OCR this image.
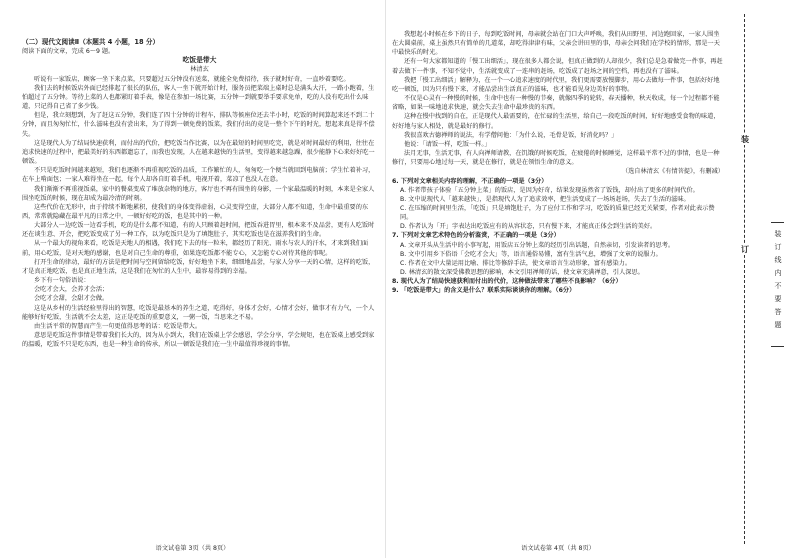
（二）现代文阅读Ⅱ（本题共 4 小题，18 分）

阅读下面的文章，完成 6～9 题。

吃饭是带大
林清玄

听说有一家饭店，顾客一坐下来点菜，只要超过五分钟没有送菜，就能全免费招待，孩子就时好奇，一直吵着要吃。

我们去的时候饭店外面已经排起了很长的队伍，客人一坐下就开始计时，服务员把菜端上桌时总是满头大汗，一路小跑着，生怕超过了五分钟。等待上菜的人也都紧盯着手表，像是在参加一场比赛，五分钟一到就要举手要求免单，吃的人没有吃出什么味道，只记得自己省了多少钱。

但是，我立刻想到，为了赶这五分钟，我们连了四十分钟的计程车，排队等候座位还去半小时，吃饭的时间算起来还不到二十分钟，而且匆匆忙忙，什么滋味也没有尝出来，为了得到一顿免费的饭菜，我们付出的竟是一整个下午的时光，想起来真是得不偿失。

这是现代人为了结局快速获利，而付出的代价，把吃饭当作比赛，以为在最短的时间里吃完，就是对时间最好的利用，往往在追求快速的过程中，把最美好的东西都遗忘了，而我也发现，人在越来越快的生活里，变得越来越急躁，很少能静下心来好好吃一顿饭。

不只是吃饭时间越来越短，我们也逐渐不再重视吃饭的品质，工作繁忙的人，匆匆吃一个便当就回到电脑前；学生忙着补习，在车上啃面包；一家人难得坐在一起，每个人却各自盯着手机，电视开着，菜凉了也没人在意。

我们渐渐不再重视饭桌，家中的餐桌变成了堆放杂物的地方，客厅也不再有围坐的身影，一个家最温暖的时刻，本来是全家人围坐吃饭的时候，现在却成为最冷清的时刻。

这些代价在无形中，由于持续不断地累积，使我们的身体变得虚弱，心灵变得空虚，大部分人都不知道，生命中最重要的东西，常常就隐藏在最平凡的日常之中，一顿好好吃的饭，也是其中的一种。

大部分人一边吃饭一边看手机，吃的是什么都不知道，有的人只顾着赶时间，把饭吞进胃里，根本来不及品尝，更有人吃饭时还在谈生意、开会，把吃饭变成了另一种工作，以为吃饭只是为了填饱肚子，其实吃饭也是在滋养我们的生命。

从一个最大的视角来看，吃饭是天地人的相遇，我们吃下去的每一粒米，都经历了阳光、雨水与农人的汗水，才来到我们面前，用心吃饭，是对天地的感谢，也是对自己生命的尊重，如果连吃饭都不能专心，又怎能专心对待其他的事呢。

打开生命的律动，最好的方法是把时间与空间留给吃饭，好好地坐下来，细细地品尝，与家人分享一天的心情，这样的吃饭，才是真正地吃饭，也是真正地生活，这是我们在匆忙的人生中，最容易得到的幸福。

乡下有一句俗语说：

会吃才会大，会养才会活；

会吃才会甜，会甜才会做。

这是从乡村的生活经验里得出的智慧，吃饭是最基本的养生之道，吃得好，身体才会好，心情才会好，做事才有力气，一个人能够好好吃饭，生活就不会太差，这正是吃饭的重要意义，一粥一饭，当思来之不易。

由生活平常的智慧而产生一句更值得思考的话：吃饭是带大。

意思是吃饭这件事情是带着我们长大的，因为从小到大，我们在饭桌上学会感恩，学会分享，学会规矩，也在饭桌上感受到家的温暖，吃饭不只是吃东西，也是一种生命的传承，所以一顿饭是我们在一生中最值得珍视的事情。

语文试卷第 3页（共 8页）

我想起小时候在乡下的日子，每到吃饭时间，母亲就会站在门口大声呼唤，我们从田野里、河边跑回家，一家人围坐在大圆桌前，桌上虽然只有简单的几道菜，却吃得津津有味，父亲会讲田里的事，母亲会问我们在学校的情形，那是一天中最快乐的时光。

还有一句大家都知道的「慢工出细活」，现在很多人都会说，但真正做到的人却很少，我们总是急着做完一件事，再赶着去做下一件事，不知不觉中，生活就变成了一连串的赶场，吃饭成了赶场之间的空档，再也没有了滋味。

我把「慢工出细活」解释为，在一个一心追求速度的时代里，我们更需要放慢脚步，用心去做每一件事，包括好好地吃一顿饭，因为只有慢下来，才能品尝出生活真正的滋味，也才能看见身边美好的事物。

不仅是心灵有一种慢的时候，生命中也有一种慢的节奏，就像四季的轮转，春天播种，秋天收成，每一个过程都不能省略，如果一味地追求快速，就会失去生命中最珍贵的东西。

这种在慢中找到的自在，正是现代人最需要的，在忙碌的生活里，给自己一段吃饭的时间，好好地感受食物的味道，好好地与家人相处，就是最好的修行。

我很喜欢古德禅师的说法，有学僧问他：「为什么说，毛骨是饭，好消化吗？」

他说：「请饭一样，吃饭一样。」

法月无事，生活无事，有人向禅师请教，在饥饿的时候吃饭，在疲倦的时候睡觉，这样最平常不过的事情，也是一种修行，只要用心地过每一天，就是在修行，就是在领悟生命的意义。

（选自林清玄《有情菩提》，有删减）

6. 下列对文章相关内容的理解，不正确的一项是（3分）

A. 作者带孩子体验「五分钟上菜」的饭店，是因为好奇，结果发现虽然省了饭钱，却付出了更多的时间代价。

B. 文中说现代人「越来越快」，是指现代人为了追求效率，把生活变成了一场场赶场，失去了生活的滋味。

C. 在压缩的时间里生活，「吃饭」只是填饱肚子，为了应付工作和学习，吃饭的质量已经无关紧要，作者对此表示赞同。

D. 作者认为「开」字表达出吃饭应有的从容状态，只有慢下来，才能真正体会到生活的美好。

7. 下列对文章艺术特色的分析鉴赏，不正确的一项是（3分）

A. 文章开头从生活中的小事写起，用饭店五分钟上菜的经历引出话题，自然亲切，引发读者的思考。

B. 文中引用乡下俗语「会吃才会大」等，语言通俗易懂，富有生活气息，增强了文章的说服力。

C. 作者在文中大量运用比喻、排比等修辞手法，使文章语言生动形象，富有感染力。

D. 林清玄的散文深受佛教思想的影响，本文引用禅师的话，使文章充满禅意，引人深思。

8. 现代人为了结局快速获利而付出的代价，这种做法带来了哪些不良影响？（6分）

9. 「吃饭是带大」的含义是什么？联系实际谈谈你的理解。（6分）

语文试卷第 4页（共 8页）
装
订
装订线内不要答题
